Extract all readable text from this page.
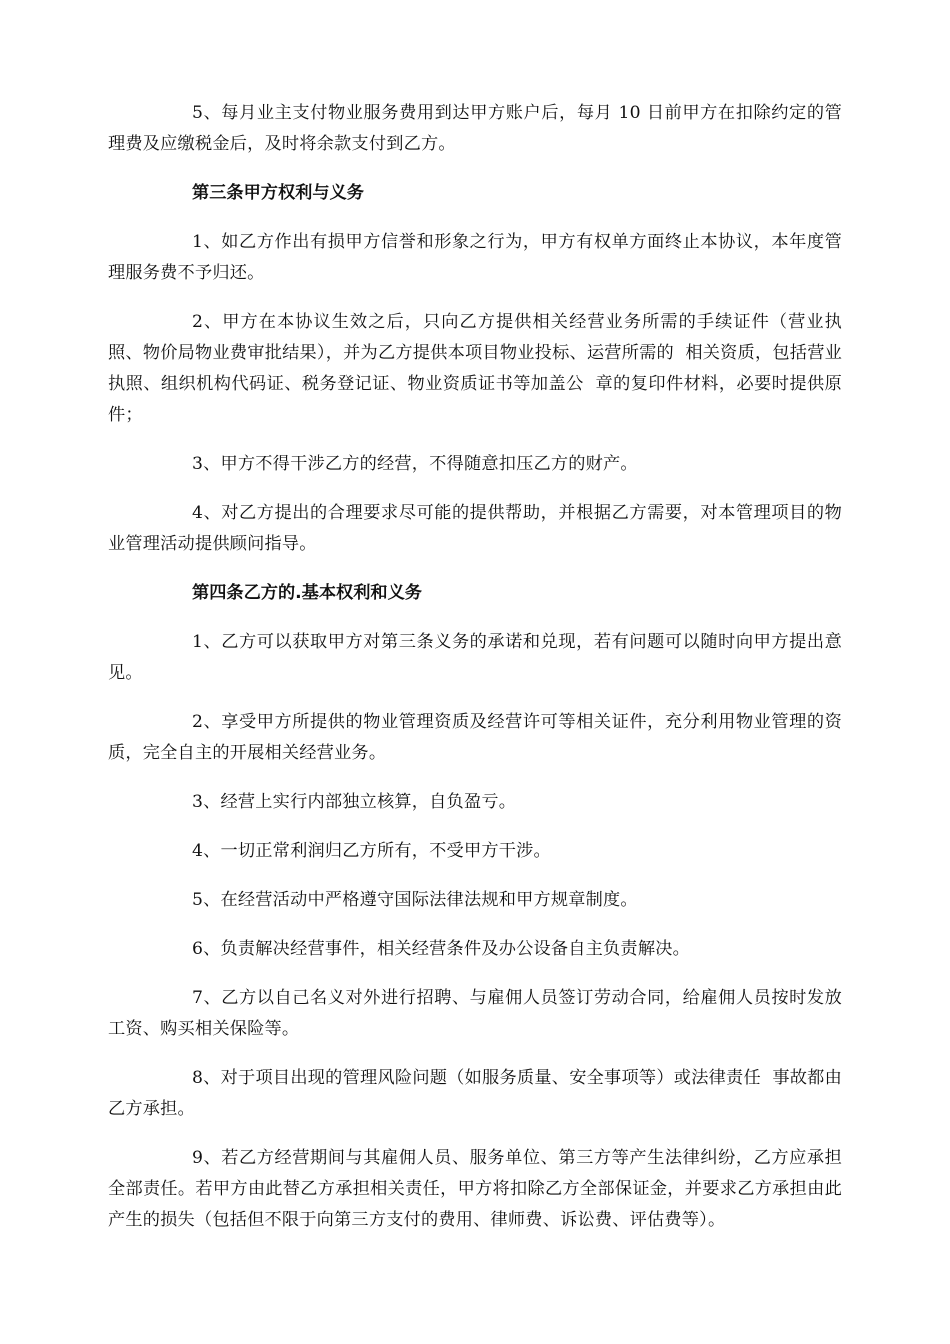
5、每月业主支付物业服务费用到达甲方账户后，每月 10 日前甲方在扣除约定的管理费及应缴税金后，及时将余款支付到乙方。

第三条甲方权利与义务

1、如乙方作出有损甲方信誉和形象之行为，甲方有权单方面终止本协议，本年度管理服务费不予归还。

2、甲方在本协议生效之后，只向乙方提供相关经营业务所需的手续证件（营业执照、物价局物业费审批结果），并为乙方提供本项目物业投标、运营所需的  相关资质，包括营业执照、组织机构代码证、税务登记证、物业资质证书等加盖公  章的复印件材料，必要时提供原件；

3、甲方不得干涉乙方的经营，不得随意扣压乙方的财产。

4、对乙方提出的合理要求尽可能的提供帮助，并根据乙方需要，对本管理项目的物业管理活动提供顾问指导。

第四条乙方的.基本权利和义务

1、乙方可以获取甲方对第三条义务的承诺和兑现，若有问题可以随时向甲方提出意见。

2、享受甲方所提供的物业管理资质及经营许可等相关证件，充分利用物业管理的资质，完全自主的开展相关经营业务。

3、经营上实行内部独立核算，自负盈亏。

4、一切正常利润归乙方所有，不受甲方干涉。

5、在经营活动中严格遵守国际法律法规和甲方规章制度。

6、负责解决经营事件，相关经营条件及办公设备自主负责解决。

7、乙方以自己名义对外进行招聘、与雇佣人员签订劳动合同，给雇佣人员按时发放工资、购买相关保险等。

8、对于项目出现的管理风险问题（如服务质量、安全事项等）或法律责任  事故都由乙方承担。

9、若乙方经营期间与其雇佣人员、服务单位、第三方等产生法律纠纷，乙方应承担全部责任。若甲方由此替乙方承担相关责任，甲方将扣除乙方全部保证金，并要求乙方承担由此产生的损失（包括但不限于向第三方支付的费用、律师费、诉讼费、评估费等）。
